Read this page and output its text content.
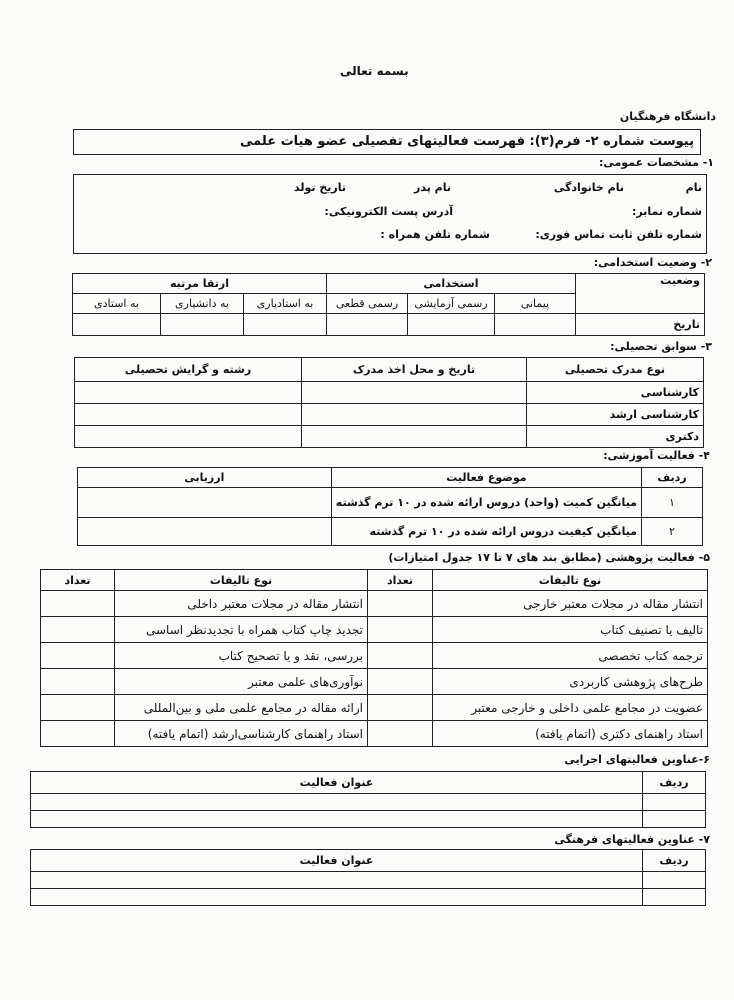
بسمه تعالی
دانشگاه فرهنگیان
پیوست شماره ۲- فرم(۳): فهرست فعالیتهای تفصیلی عضو هیات علمی
۱- مشخصات عمومی:
نام
نام خانوادگی
نام پدر
تاریخ تولد
شماره نمابر:
آدرس پست الکترونیکی:
شماره تلفن ثابت تماس فوری:
شماره تلفن همراه :
۲- وضعیت استخدامی:
وضعیت	استخدامی			ارتقا مرتبه		
	پیمانی	رسمی آزمایشی	رسمی قطعی	به استادیاری	به دانشیاری	به استادی
تاریخ						
۳- سوابق تحصیلی:
نوع مدرک تحصیلی	تاریخ و محل اخذ مدرک	رشته و گرایش تحصیلی
کارشناسی		
کارشناسی ارشد		
دکتری		
۴- فعالیت آموزشی:
ردیف	موضوع فعالیت	ارزیابی
۱	میانگین کمیت (واحد) دروس ارائه شده در ۱۰ ترم گذشته	
۲	میانگین کیفیت دروس ارائه شده در ۱۰ ترم گذشته	
۵- فعالیت پژوهشی (مطابق بند های ۷ تا ۱۷ جدول امتیازات)
نوع تالیفات	تعداد	نوع تالیفات	تعداد
انتشار مقاله در مجلات معتبر خارجی		انتشار مقاله در مجلات معتبر داخلی	
تالیف یا تصنیف کتاب		تجدید چاپ کتاب همراه با تجدیدنظر اساسی	
ترجمه کتاب تخصصی		بررسی، نقد و یا تصحیح کتاب	
طرح‌های پژوهشی کاربردی		نوآوری‌های علمی معتبر	
عضویت در مجامع علمی داخلی و خارجی معتبر		ارائه مقاله در مجامع علمی ملی و بین‌المللی	
استاد راهنمای دکتری (اتمام یافته)		استاد راهنمای کارشناسی‌ارشد (اتمام یافته)	
۶-عناوین فعالیتهای اجرایی
ردیف	عنوان فعالیت

۷- عناوین فعالیتهای فرهنگی
ردیف	عنوان فعالیت
